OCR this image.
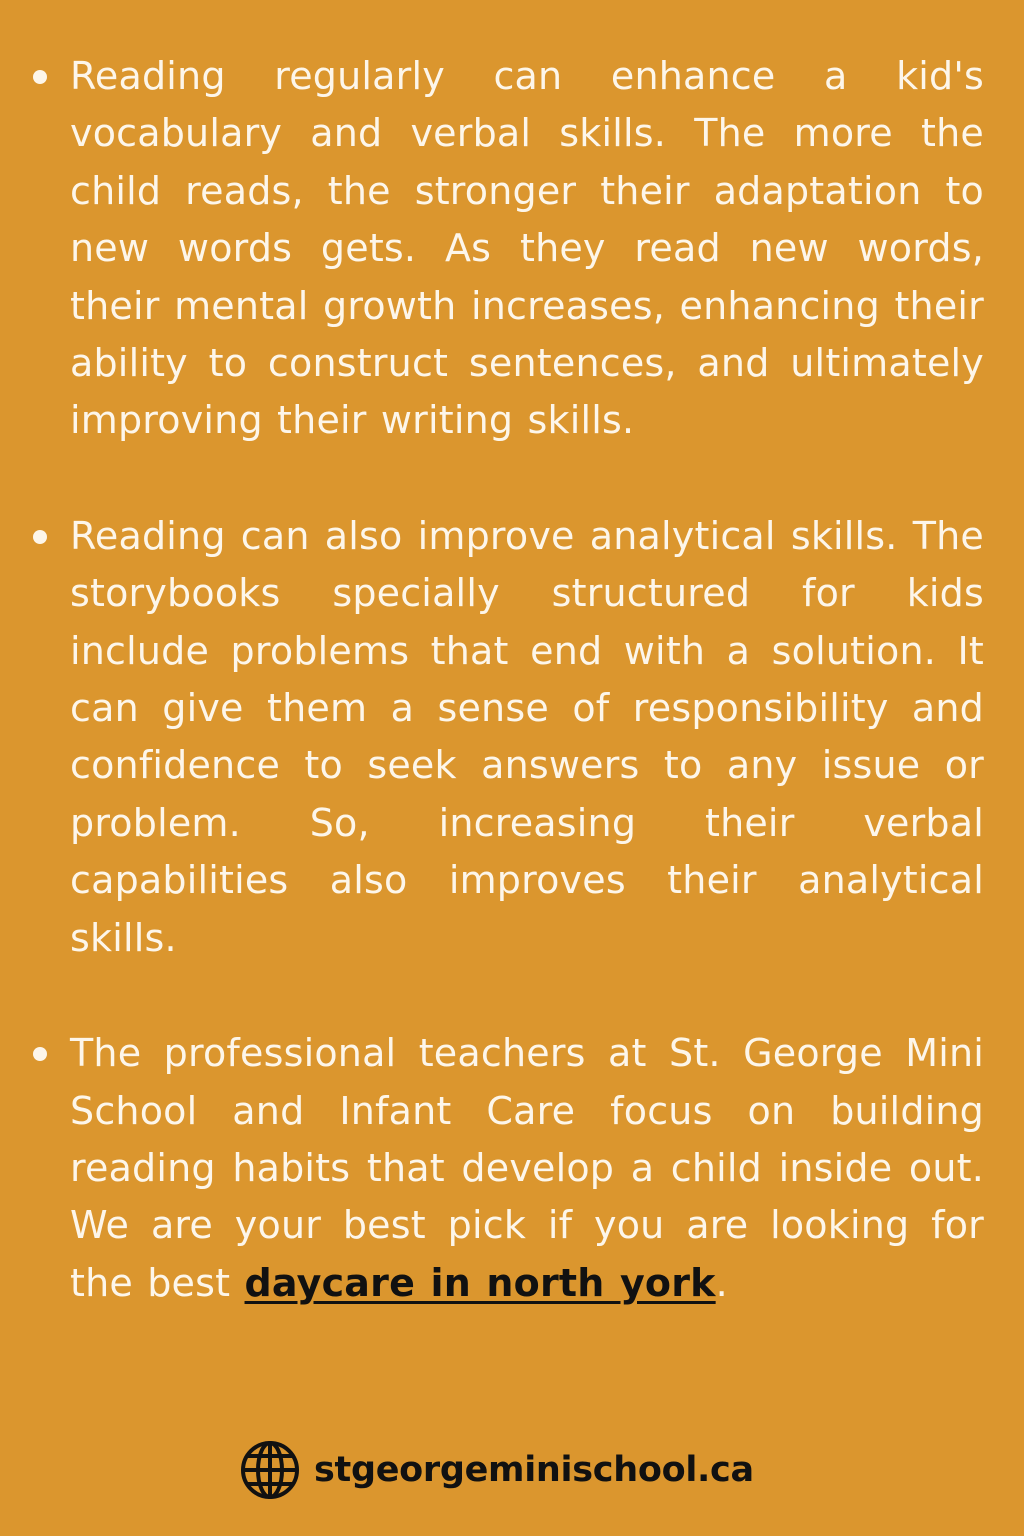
Reading regularly can enhance a kid's vocabulary and verbal skills. The more the child reads, the stronger their adaptation to new words gets. As they read new words, their mental growth increases, enhancing their ability to construct sentences, and ultimately improving their writing skills.
Reading can also improve analytical skills. The storybooks specially structured for kids include problems that end with a solution. It can give them a sense of responsibility and confidence to seek answers to any issue or problem. So, increasing their verbal capabilities also improves their analytical skills.
The professional teachers at St. George Mini School and Infant Care focus on building reading habits that develop a child inside out. We are your best pick if you are looking for the best daycare in north york.
stgeorgeminischool.ca
